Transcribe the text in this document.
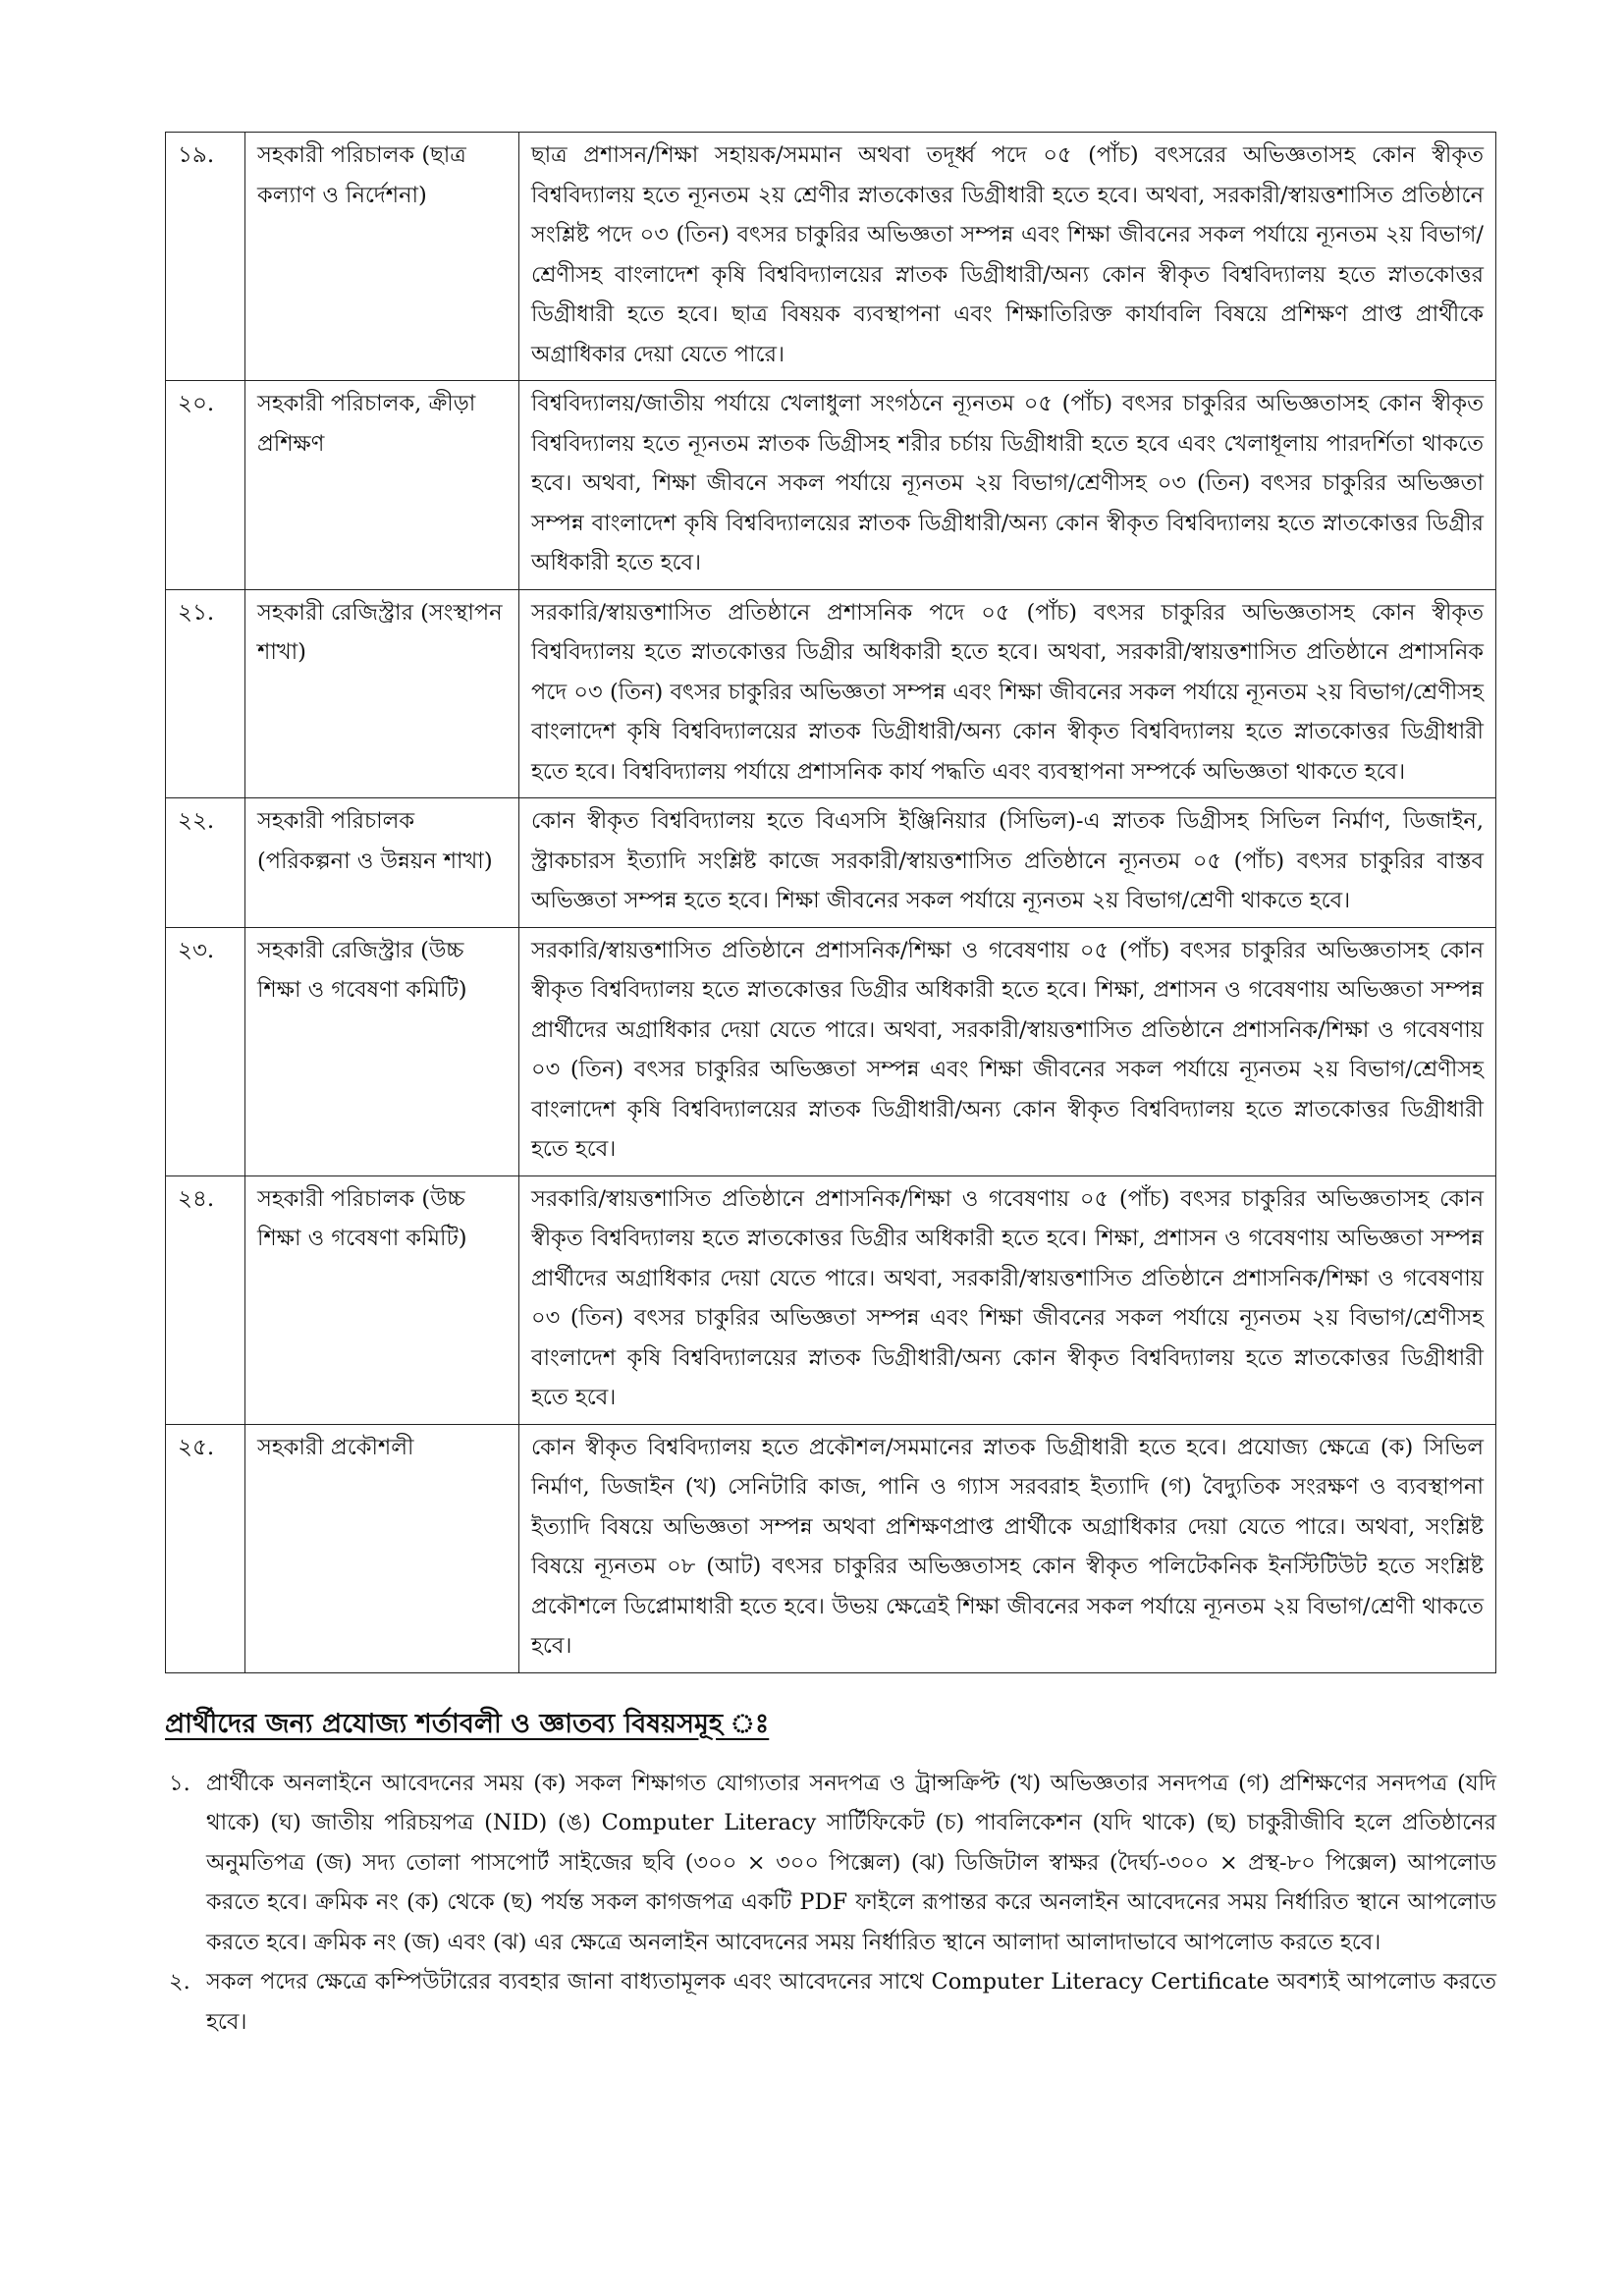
১৯.	সহকারী পরিচালক (ছাত্র কল্যাণ ও নির্দেশনা)	ছাত্র প্রশাসন/শিক্ষা সহায়ক/সমমান অথবা তদূর্ধ্ব পদে ০৫ (পাঁচ) বৎসরের অভিজ্ঞতাসহ কোন স্বীকৃত বিশ্ববিদ্যালয় হতে ন্যূনতম ২য় শ্রেণীর স্নাতকোত্তর ডিগ্রীধারী হতে হবে। অথবা, সরকারী/স্বায়ত্তশাসিত প্রতিষ্ঠানে সংশ্লিষ্ট পদে ০৩ (তিন) বৎসর চাকুরির অভিজ্ঞতা সম্পন্ন এবং শিক্ষা জীবনের সকল পর্যায়ে ন্যূনতম ২য় বিভাগ/শ্রেণীসহ বাংলাদেশ কৃষি বিশ্ববিদ্যালয়ের স্নাতক ডিগ্রীধারী/অন্য কোন স্বীকৃত বিশ্ববিদ্যালয় হতে স্নাতকোত্তর ডিগ্রীধারী হতে হবে। ছাত্র বিষয়ক ব্যবস্থাপনা এবং শিক্ষাতিরিক্ত কার্যাবলি বিষয়ে প্রশিক্ষণ প্রাপ্ত প্রার্থীকে অগ্রাধিকার দেয়া যেতে পারে।
২০.	সহকারী পরিচালক, ক্রীড়া প্রশিক্ষণ	বিশ্ববিদ্যালয়/জাতীয় পর্যায়ে খেলাধুলা সংগঠনে ন্যূনতম ০৫ (পাঁচ) বৎসর চাকুরির অভিজ্ঞতাসহ কোন স্বীকৃত বিশ্ববিদ্যালয় হতে ন্যূনতম স্নাতক ডিগ্রীসহ শরীর চর্চায় ডিগ্রীধারী হতে হবে এবং খেলাধূলায় পারদর্শিতা থাকতে হবে। অথবা, শিক্ষা জীবনে সকল পর্যায়ে ন্যূনতম ২য় বিভাগ/শ্রেণীসহ ০৩ (তিন) বৎসর চাকুরির অভিজ্ঞতা সম্পন্ন বাংলাদেশ কৃষি বিশ্ববিদ্যালয়ের স্নাতক ডিগ্রীধারী/অন্য কোন স্বীকৃত বিশ্ববিদ্যালয় হতে স্নাতকোত্তর ডিগ্রীর অধিকারী হতে হবে।
২১.	সহকারী রেজিস্ট্রার (সংস্থাপন শাখা)	সরকারি/স্বায়ত্তশাসিত প্রতিষ্ঠানে প্রশাসনিক পদে ০৫ (পাঁচ) বৎসর চাকুরির অভিজ্ঞতাসহ কোন স্বীকৃত বিশ্ববিদ্যালয় হতে স্নাতকোত্তর ডিগ্রীর অধিকারী হতে হবে। অথবা, সরকারী/স্বায়ত্তশাসিত প্রতিষ্ঠানে প্রশাসনিক পদে ০৩ (তিন) বৎসর চাকুরির অভিজ্ঞতা সম্পন্ন এবং শিক্ষা জীবনের সকল পর্যায়ে ন্যূনতম ২য় বিভাগ/শ্রেণীসহ বাংলাদেশ কৃষি বিশ্ববিদ্যালয়ের স্নাতক ডিগ্রীধারী/অন্য কোন স্বীকৃত বিশ্ববিদ্যালয় হতে স্নাতকোত্তর ডিগ্রীধারী হতে হবে। বিশ্ববিদ্যালয় পর্যায়ে প্রশাসনিক কার্য পদ্ধতি এবং ব্যবস্থাপনা সম্পর্কে অভিজ্ঞতা থাকতে হবে।
২২.	সহকারী পরিচালক (পরিকল্পনা ও উন্নয়ন শাখা)	কোন স্বীকৃত বিশ্ববিদ্যালয় হতে বিএসসি ইঞ্জিনিয়ার (সিভিল)-এ স্নাতক ডিগ্রীসহ সিভিল নির্মাণ, ডিজাইন, স্ট্রাকচারস ইত্যাদি সংশ্লিষ্ট কাজে সরকারী/স্বায়ত্তশাসিত প্রতিষ্ঠানে ন্যূনতম ০৫ (পাঁচ) বৎসর চাকুরির বাস্তব অভিজ্ঞতা সম্পন্ন হতে হবে। শিক্ষা জীবনের সকল পর্যায়ে ন্যূনতম ২য় বিভাগ/শ্রেণী থাকতে হবে।
২৩.	সহকারী রেজিস্ট্রার (উচ্চ শিক্ষা ও গবেষণা কমিটি)	সরকারি/স্বায়ত্তশাসিত প্রতিষ্ঠানে প্রশাসনিক/শিক্ষা ও গবেষণায় ০৫ (পাঁচ) বৎসর চাকুরির অভিজ্ঞতাসহ কোন স্বীকৃত বিশ্ববিদ্যালয় হতে স্নাতকোত্তর ডিগ্রীর অধিকারী হতে হবে। শিক্ষা, প্রশাসন ও গবেষণায় অভিজ্ঞতা সম্পন্ন প্রার্থীদের অগ্রাধিকার দেয়া যেতে পারে। অথবা, সরকারী/স্বায়ত্তশাসিত প্রতিষ্ঠানে প্রশাসনিক/শিক্ষা ও গবেষণায় ০৩ (তিন) বৎসর চাকুরির অভিজ্ঞতা সম্পন্ন এবং শিক্ষা জীবনের সকল পর্যায়ে ন্যূনতম ২য় বিভাগ/শ্রেণীসহ বাংলাদেশ কৃষি বিশ্ববিদ্যালয়ের স্নাতক ডিগ্রীধারী/অন্য কোন স্বীকৃত বিশ্ববিদ্যালয় হতে স্নাতকোত্তর ডিগ্রীধারী হতে হবে।
২৪.	সহকারী পরিচালক (উচ্চ শিক্ষা ও গবেষণা কমিটি)	সরকারি/স্বায়ত্তশাসিত প্রতিষ্ঠানে প্রশাসনিক/শিক্ষা ও গবেষণায় ০৫ (পাঁচ) বৎসর চাকুরির অভিজ্ঞতাসহ কোন স্বীকৃত বিশ্ববিদ্যালয় হতে স্নাতকোত্তর ডিগ্রীর অধিকারী হতে হবে। শিক্ষা, প্রশাসন ও গবেষণায় অভিজ্ঞতা সম্পন্ন প্রার্থীদের অগ্রাধিকার দেয়া যেতে পারে। অথবা, সরকারী/স্বায়ত্তশাসিত প্রতিষ্ঠানে প্রশাসনিক/শিক্ষা ও গবেষণায় ০৩ (তিন) বৎসর চাকুরির অভিজ্ঞতা সম্পন্ন এবং শিক্ষা জীবনের সকল পর্যায়ে ন্যূনতম ২য় বিভাগ/শ্রেণীসহ বাংলাদেশ কৃষি বিশ্ববিদ্যালয়ের স্নাতক ডিগ্রীধারী/অন্য কোন স্বীকৃত বিশ্ববিদ্যালয় হতে স্নাতকোত্তর ডিগ্রীধারী হতে হবে।
২৫.	সহকারী প্রকৌশলী	কোন স্বীকৃত বিশ্ববিদ্যালয় হতে প্রকৌশল/সমমানের স্নাতক ডিগ্রীধারী হতে হবে। প্রযোজ্য ক্ষেত্রে (ক) সিভিল নির্মাণ, ডিজাইন (খ) সেনিটারি কাজ, পানি ও গ্যাস সরবরাহ ইত্যাদি (গ) বৈদ্যুতিক সংরক্ষণ ও ব্যবস্থাপনা ইত্যাদি বিষয়ে অভিজ্ঞতা সম্পন্ন অথবা প্রশিক্ষণপ্রাপ্ত প্রার্থীকে অগ্রাধিকার দেয়া যেতে পারে। অথবা, সংশ্লিষ্ট বিষয়ে ন্যূনতম ০৮ (আট) বৎসর চাকুরির অভিজ্ঞতাসহ কোন স্বীকৃত পলিটেকনিক ইনস্টিটিউট হতে সংশ্লিষ্ট প্রকৌশলে ডিপ্লোমাধারী হতে হবে। উভয় ক্ষেত্রেই শিক্ষা জীবনের সকল পর্যায়ে ন্যূনতম ২য় বিভাগ/শ্রেণী থাকতে হবে।
প্রার্থীদের জন্য প্রযোজ্য শর্তাবলী ও জ্ঞাতব্য বিষয়সমূহ ঃ
১. প্রার্থীকে অনলাইনে আবেদনের সময় (ক) সকল শিক্ষাগত যোগ্যতার সনদপত্র ও ট্রান্সক্রিপ্ট (খ) অভিজ্ঞতার সনদপত্র (গ) প্রশিক্ষণের সনদপত্র (যদি থাকে) (ঘ) জাতীয় পরিচয়পত্র (NID) (ঙ) Computer Literacy সার্টিফিকেট (চ) পাবলিকেশন (যদি থাকে) (ছ) চাকুরীজীবি হলে প্রতিষ্ঠানের অনুমতিপত্র (জ) সদ্য তোলা পাসপোর্ট সাইজের ছবি (৩০০ × ৩০০ পিক্সেল) (ঝ) ডিজিটাল স্বাক্ষর (দৈর্ঘ্য-৩০০ × প্রস্থ-৮০ পিক্সেল) আপলোড করতে হবে। ক্রমিক নং (ক) থেকে (ছ) পর্যন্ত সকল কাগজপত্র একটি PDF ফাইলে রূপান্তর করে অনলাইন আবেদনের সময় নির্ধারিত স্থানে আপলোড করতে হবে। ক্রমিক নং (জ) এবং (ঝ) এর ক্ষেত্রে অনলাইন আবেদনের সময় নির্ধারিত স্থানে আলাদা আলাদাভাবে আপলোড করতে হবে।
২. সকল পদের ক্ষেত্রে কম্পিউটারের ব্যবহার জানা বাধ্যতামূলক এবং আবেদনের সাথে Computer Literacy Certificate অবশ্যই আপলোড করতে হবে।
